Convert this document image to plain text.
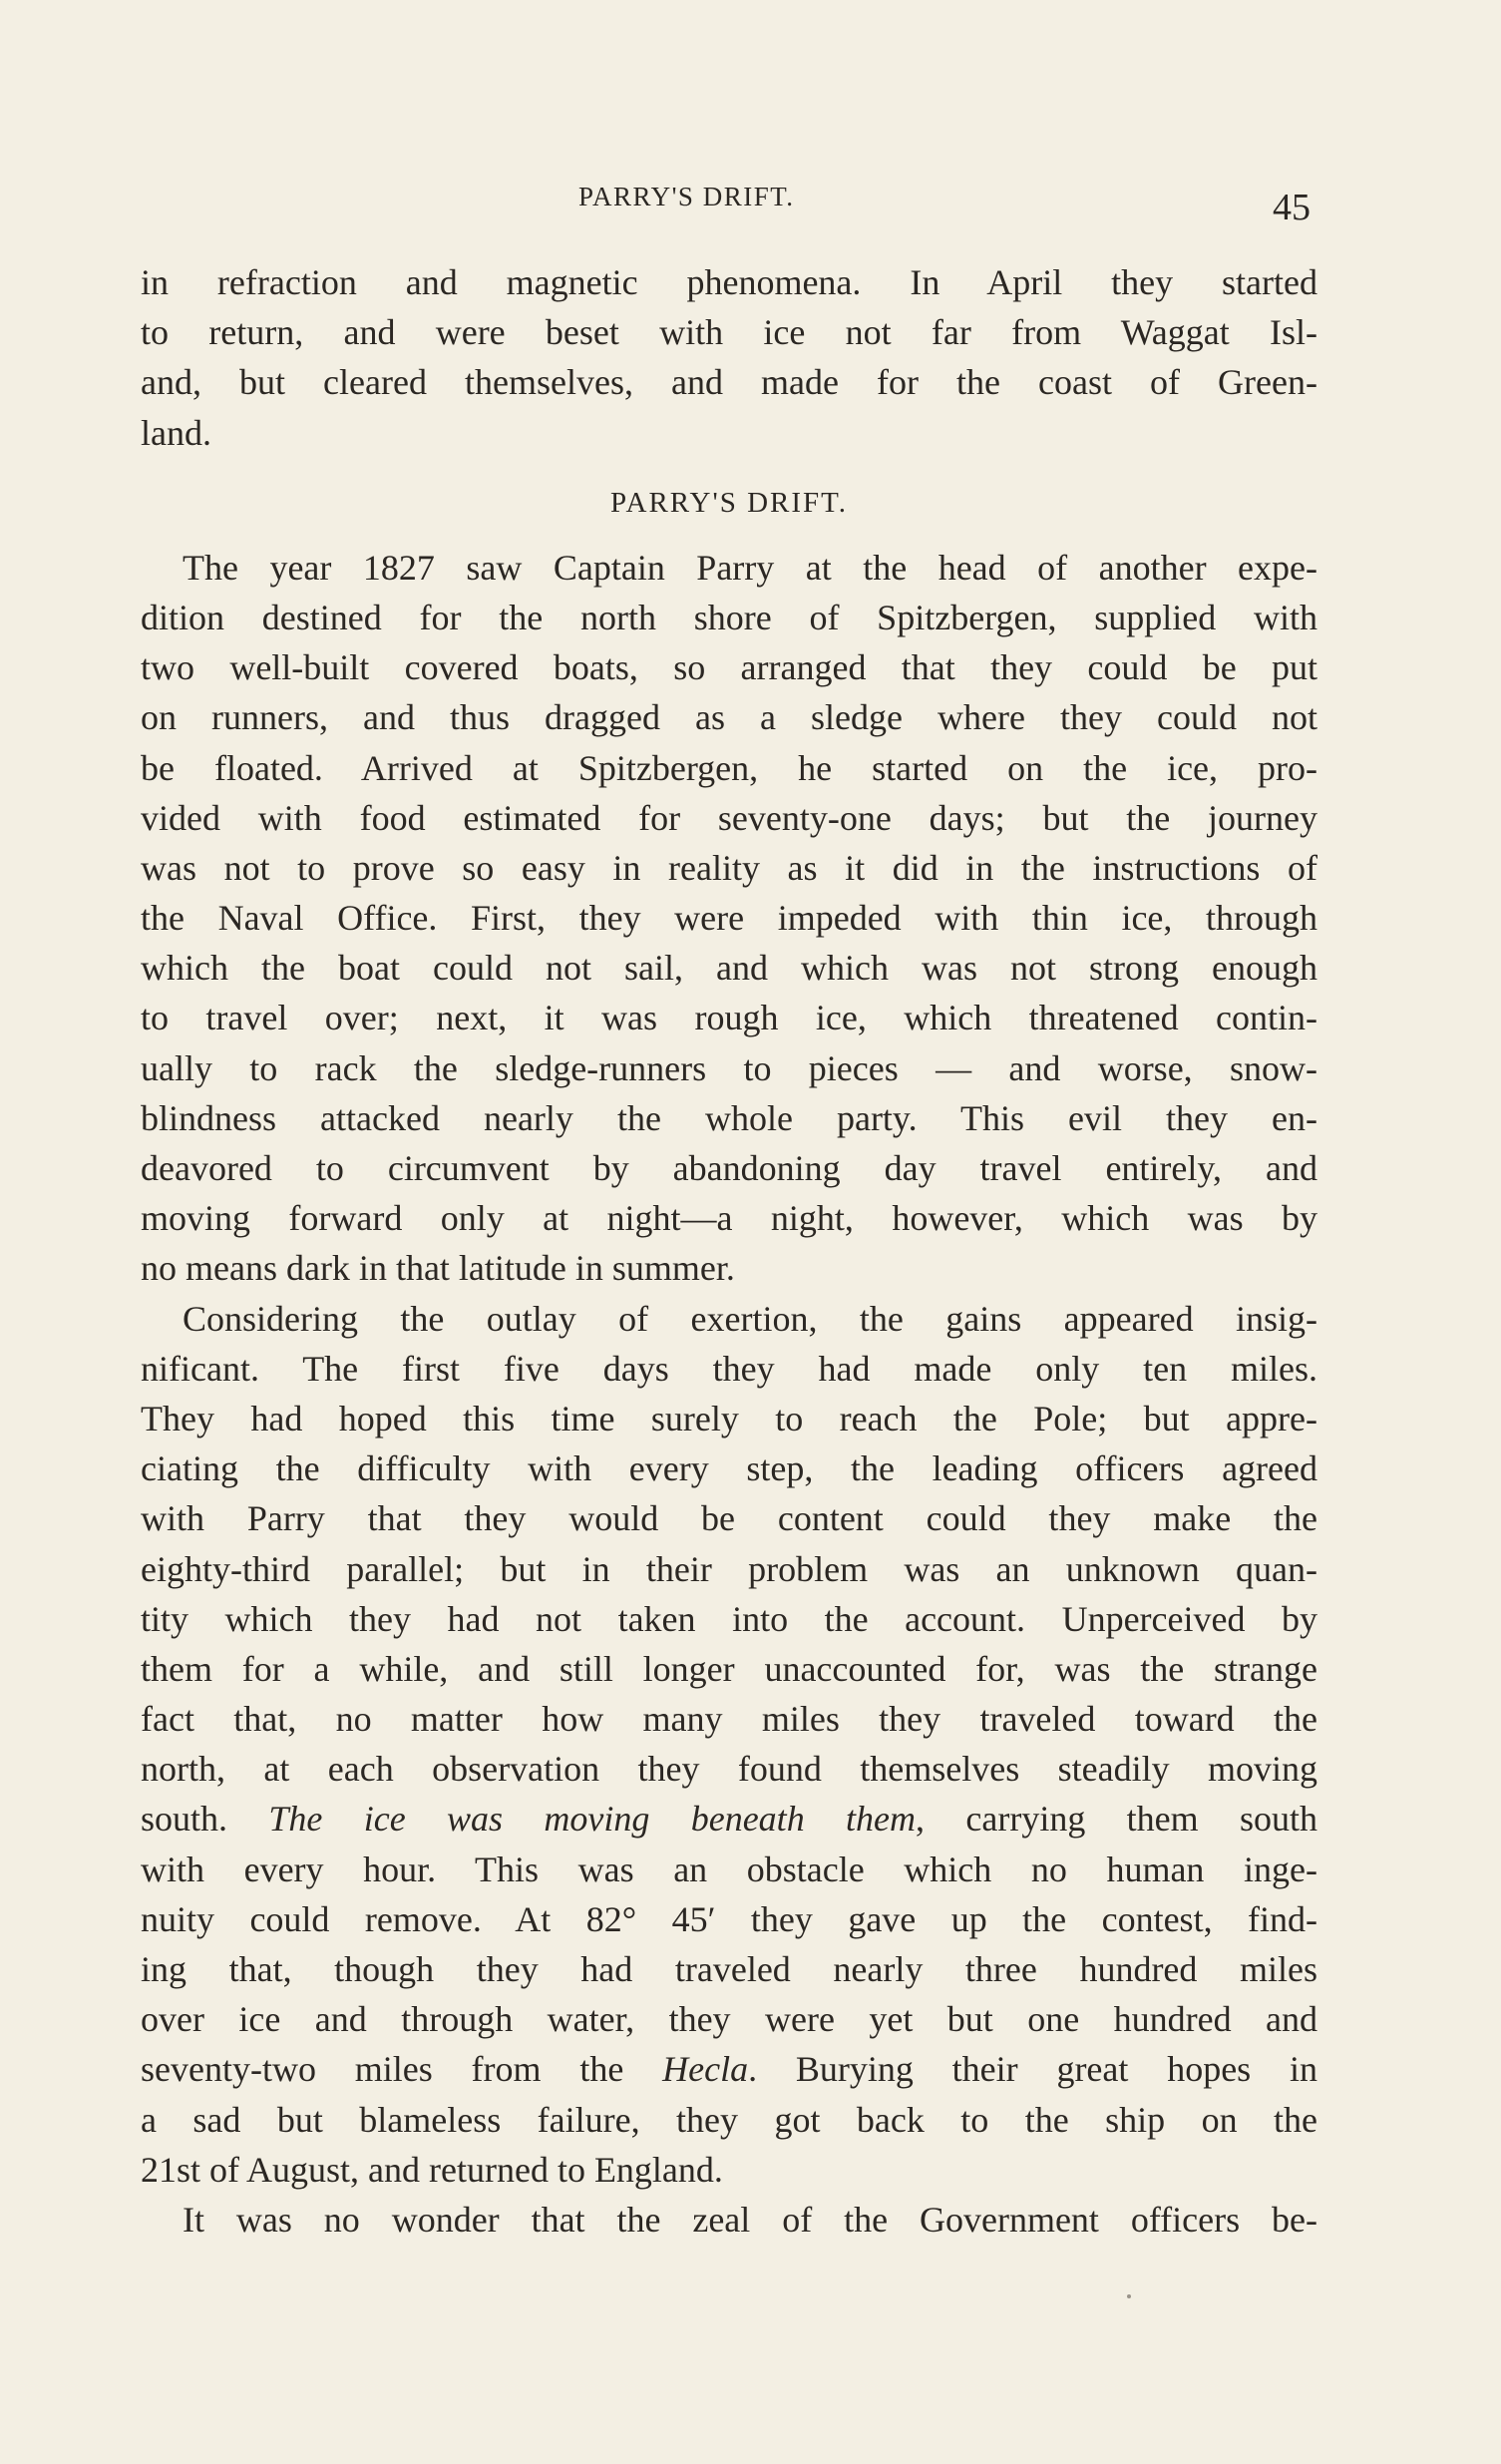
PARRY'S DRIFT.	45
in refraction and magnetic phenomena. In April they started
to return, and were beset with ice not far from Waggat Isl-
and, but cleared themselves, and made for the coast of Green-
land.
PARRY'S DRIFT.
The year 1827 saw Captain Parry at the head of another expe-
dition destined for the north shore of Spitzbergen, supplied with
two well-built covered boats, so arranged that they could be put
on runners, and thus dragged as a sledge where they could not
be floated. Arrived at Spitzbergen, he started on the ice, pro-
vided with food estimated for seventy-one days; but the journey
was not to prove so easy in reality as it did in the instructions of
the Naval Office. First, they were impeded with thin ice, through
which the boat could not sail, and which was not strong enough
to travel over; next, it was rough ice, which threatened contin-
ually to rack the sledge-runners to pieces — and worse, snow-
blindness attacked nearly the whole party. This evil they en-
deavored to circumvent by abandoning day travel entirely, and
moving forward only at night—a night, however, which was by
no means dark in that latitude in summer.
Considering the outlay of exertion, the gains appeared insig-
nificant. The first five days they had made only ten miles.
They had hoped this time surely to reach the Pole; but appre-
ciating the difficulty with every step, the leading officers agreed
with Parry that they would be content could they make the
eighty-third parallel; but in their problem was an unknown quan-
tity which they had not taken into the account. Unperceived by
them for a while, and still longer unaccounted for, was the strange
fact that, no matter how many miles they traveled toward the
north, at each observation they found themselves steadily moving
south. The ice was moving beneath them, carrying them south
with every hour. This was an obstacle which no human inge-
nuity could remove. At 82° 45′ they gave up the contest, find-
ing that, though they had traveled nearly three hundred miles
over ice and through water, they were yet but one hundred and
seventy-two miles from the Hecla. Burying their great hopes in
a sad but blameless failure, they got back to the ship on the
21st of August, and returned to England.
It was no wonder that the zeal of the Government officers be-
